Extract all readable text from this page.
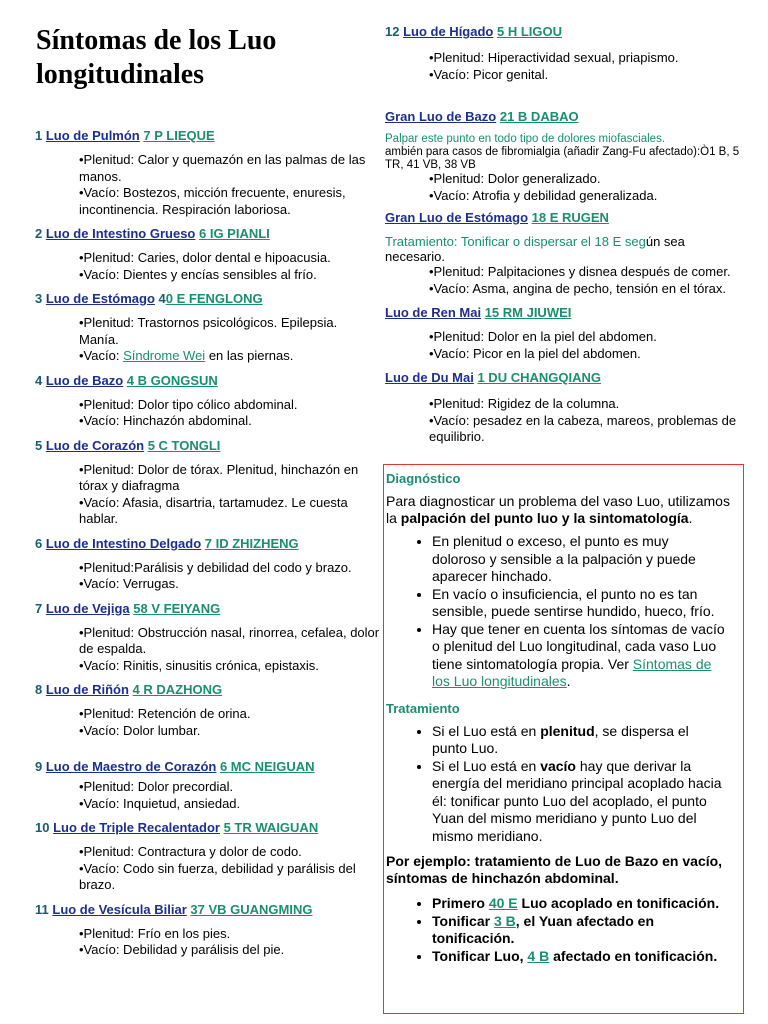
Síntomas de los Luo longitudinales
1 Luo de Pulmón 7 P LIEQUE
•Plenitud: Calor y quemazón en las palmas de las manos.
•Vacío: Bostezos, micción frecuente, enuresis, incontinencia. Respiración laboriosa.
2 Luo de Intestino Grueso 6 IG PIANLI
•Plenitud: Caries, dolor dental e hipoacusia.
•Vacío: Dientes y encías sensibles al frío.
3 Luo de Estómago 40 E FENGLONG
•Plenitud: Trastornos psicológicos. Epilepsia. Manía.
•Vacío: Síndrome Wei en las piernas.
4 Luo de Bazo 4 B GONGSUN
•Plenitud: Dolor tipo cólico abdominal.
•Vacío: Hinchazón abdominal.
5 Luo de Corazón 5 C TONGLI
•Plenitud: Dolor de tórax. Plenitud, hinchazón en tórax y diafragma
•Vacío: Afasia, disartria, tartamudez. Le cuesta hablar.
6 Luo de Intestino Delgado 7 ID ZHIZHENG
•Plenitud:Parálisis y debilidad del codo y brazo.
•Vacío: Verrugas.
7 Luo de Vejiga 58 V FEIYANG
•Plenitud: Obstrucción nasal, rinorrea, cefalea, dolor de espalda.
•Vacío: Rinitis, sinusitis crónica, epistaxis.
8 Luo de Riñón 4 R DAZHONG
•Plenitud: Retención de orina.
•Vacío: Dolor lumbar.
9 Luo de Maestro de Corazón 6 MC NEIGUAN
•Plenitud: Dolor precordial.
•Vacío: Inquietud, ansiedad.
10 Luo de Triple Recalentador 5 TR WAIGUAN
•Plenitud: Contractura y dolor de codo.
•Vacío: Codo sin fuerza, debilidad y parálisis del brazo.
11 Luo de Vesícula Biliar 37 VB GUANGMING
•Plenitud: Frío en los pies.
•Vacío: Debilidad y parálisis del pie.
12 Luo de Hígado 5 H LIGOU
•Plenitud: Hiperactividad sexual, priapismo.
•Vacío: Picor genital.
Gran Luo de Bazo 21 B DABAO
Palpar este punto en todo tipo de dolores miofasciales.
ambién para casos de fibromialgia (añadir Zang-Fu afectado):Ò1 B, 5 TR, 41 VB, 38 VB
•Plenitud: Dolor generalizado.
•Vacío: Atrofia y debilidad generalizada.
Gran Luo de Estómago 18 E RUGEN
Tratamiento: Tonificar o dispersar el 18 E según sea necesario.
•Plenitud: Palpitaciones y disnea después de comer.
•Vacío: Asma, angina de pecho, tensión en el tórax.
Luo de Ren Mai 15 RM JIUWEI
•Plenitud: Dolor en la piel del abdomen.
•Vacío: Picor en la piel del abdomen.
Luo de Du Mai 1 DU CHANGQIANG
•Plenitud: Rigidez de la columna.
•Vacío: pesadez en la cabeza, mareos, problemas de equilibrio.
Diagnóstico

Para diagnosticar un problema del vaso Luo, utilizamos la palpación del punto luo y la sintomatología.

• En plenitud o exceso, el punto es muy doloroso y sensible a la palpación y puede aparecer hinchado.
• En vacío o insuficiencia, el punto no es tan sensible, puede sentirse hundido, hueco, frío.
• Hay que tener en cuenta los síntomas de vacío o plenitud del Luo longitudinal, cada vaso Luo tiene sintomatología propia. Ver Síntomas de los Luo longitudinales.
Tratamiento
• Si el Luo está en plenitud, se dispersa el punto Luo.
• Si el Luo está en vacío hay que derivar la energía del meridiano principal acoplado hacia él: tonificar punto Luo del acoplado, el punto Yuan del mismo meridiano y punto Luo del mismo meridiano.

Por ejemplo: tratamiento de Luo de Bazo en vacío, síntomas de hinchazón abdominal.

• Primero 40 E Luo acoplado en tonificación.
• Tonificar 3 B, el Yuan afectado en tonificación.
• Tonificar Luo, 4 B afectado en tonificación.
